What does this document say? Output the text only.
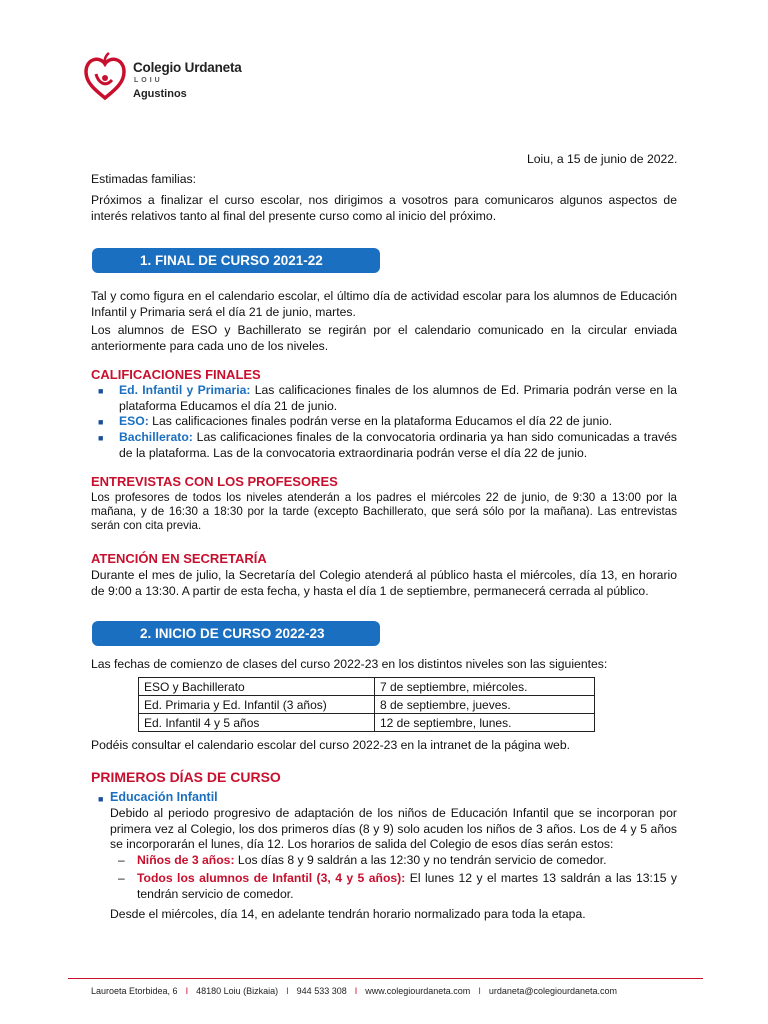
Colegio Urdaneta
LOIU
Agustinos
Loiu, a 15 de junio de 2022.
Estimadas familias:
Próximos a finalizar el curso escolar, nos dirigimos a vosotros para comunicaros algunos aspectos de interés relativos tanto al final del presente curso como al inicio del próximo.
1. FINAL DE CURSO 2021-22
Tal y como figura en el calendario escolar, el último día de actividad escolar para los alumnos de Educación Infantil y Primaria será el día 21 de junio, martes.
Los alumnos de ESO y Bachillerato se regirán por el calendario comunicado en la circular enviada anteriormente para cada uno de los niveles.
CALIFICACIONES FINALES
■	Ed. Infantil y Primaria: Las calificaciones finales de los alumnos de Ed. Primaria podrán verse en la plataforma Educamos el día 21 de junio.
■	ESO: Las calificaciones finales podrán verse en la plataforma Educamos el día 22 de junio.
■	Bachillerato: Las calificaciones finales de la convocatoria ordinaria ya han sido comunicadas a través de la plataforma. Las de la convocatoria extraordinaria podrán verse el día 22 de junio.
ENTREVISTAS CON LOS PROFESORES
Los profesores de todos los niveles atenderán a los padres el miércoles 22 de junio, de 9:30 a 13:00 por la mañana, y de 16:30 a 18:30 por la tarde (excepto Bachillerato, que será sólo por la mañana). Las entrevistas serán con cita previa.
ATENCIÓN EN SECRETARÍA
Durante el mes de julio, la Secretaría del Colegio atenderá al público hasta el miércoles, día 13, en horario de 9:00 a 13:30. A partir de esta fecha, y hasta el día 1 de septiembre, permanecerá cerrada al público.
2. INICIO DE CURSO 2022-23
Las fechas de comienzo de clases del curso 2022-23 en los distintos niveles son las siguientes:
ESO y Bachillerato	7 de septiembre, miércoles.
Ed. Primaria y Ed. Infantil (3 años)	8 de septiembre, jueves.
Ed. Infantil 4 y 5 años	12 de septiembre, lunes.
Podéis consultar el calendario escolar del curso 2022-23 en la intranet de la página web.
PRIMEROS DÍAS DE CURSO
■ Educación Infantil
Debido al periodo progresivo de adaptación de los niños de Educación Infantil que se incorporan por primera vez al Colegio, los dos primeros días (8 y 9) solo acuden los niños de 3 años. Los de 4 y 5 años se incorporarán el lunes, día 12. Los horarios de salida del Colegio de esos días serán estos:
– Niños de 3 años: Los días 8 y 9 saldrán a las 12:30 y no tendrán servicio de comedor.
– Todos los alumnos de Infantil (3, 4 y 5 años): El lunes 12 y el martes 13 saldrán a las 13:15 y tendrán servicio de comedor.
Desde el miércoles, día 14, en adelante tendrán horario normalizado para toda la etapa.
Lauroeta Etorbidea, 6 I 48180 Loiu (Bizkaia) I 944 533 308 I www.colegiourdaneta.com I urdaneta@colegiourdaneta.com
